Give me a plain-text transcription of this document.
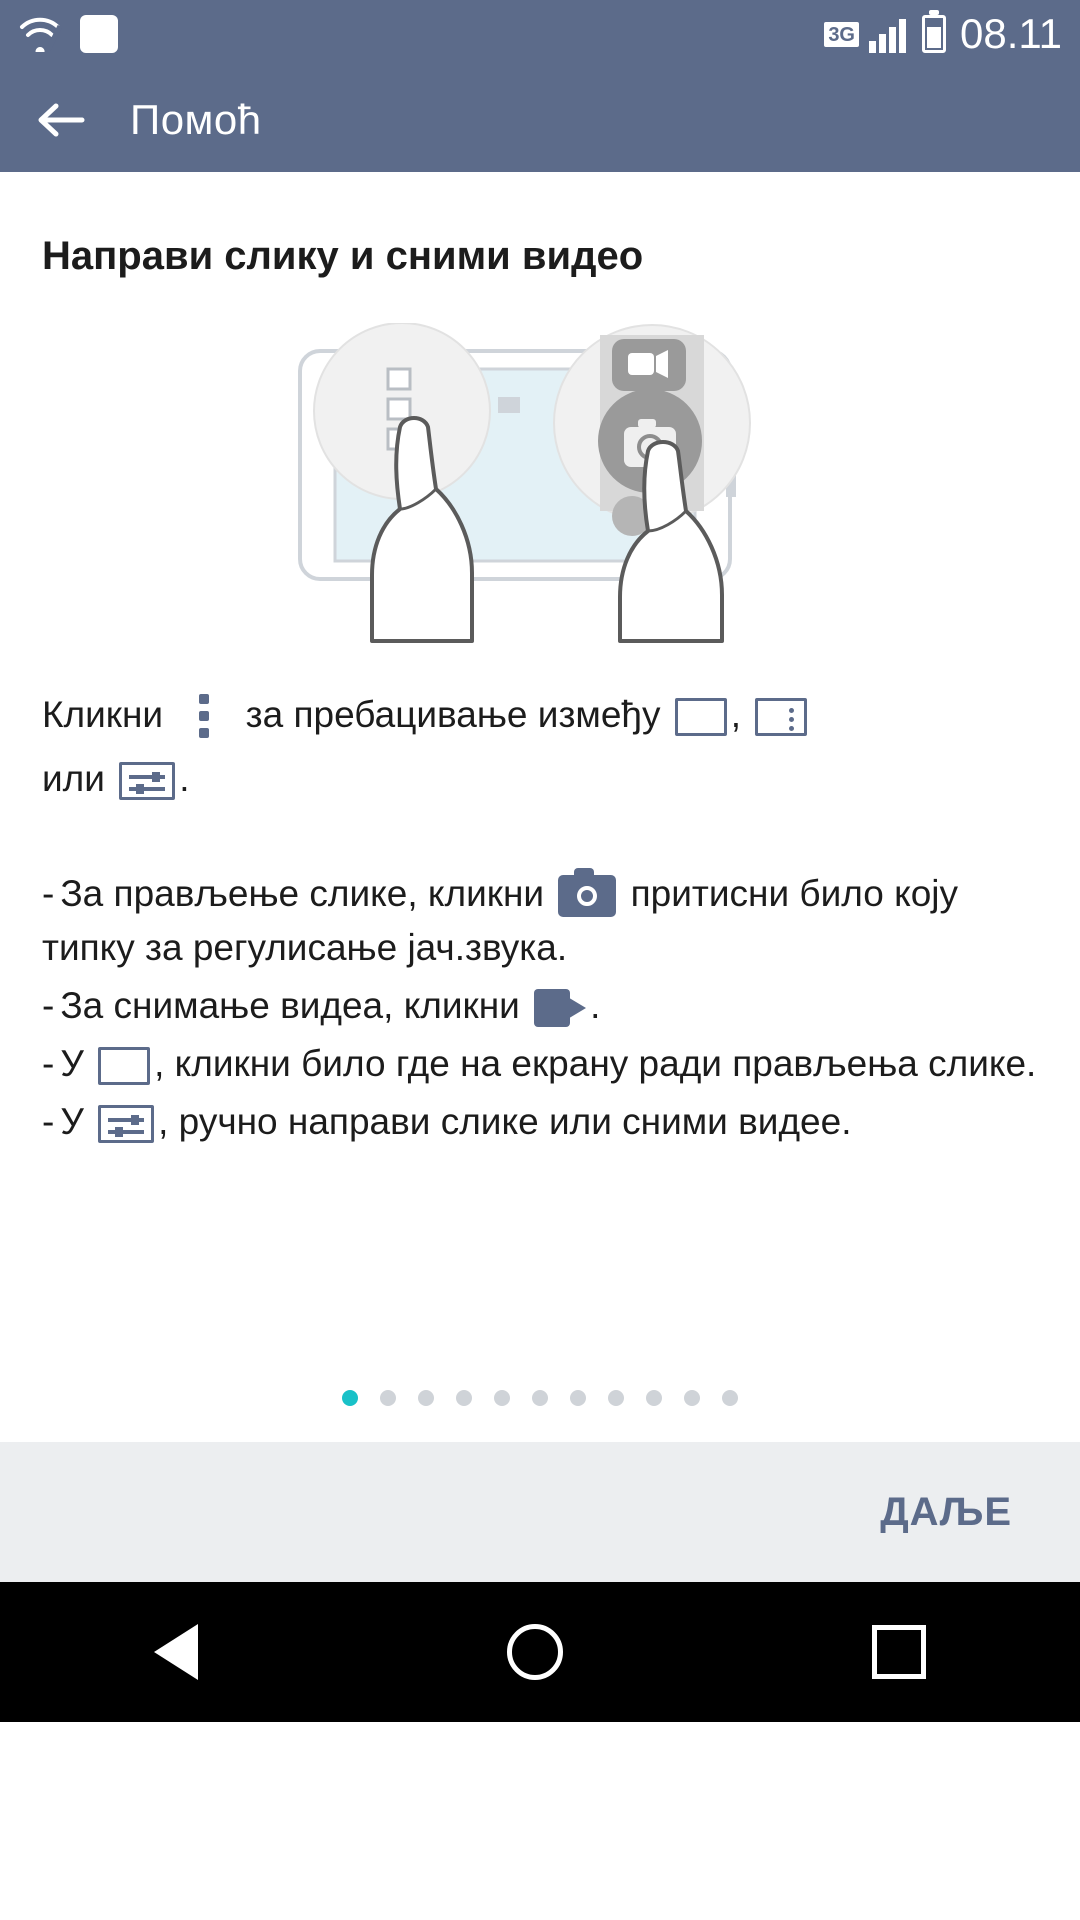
3G	08.11
Помоћ
Направи слику и сними видео
Кликни за пребацивање између ,

или .
- За прављење слике, кликни притисни било коју типку за регулисање јач.звука.
- За снимање видеа, кликни .
- У , кликни било где на екрану ради прављења слике.
- У , ручно направи слике или сними видее.
ДАЉЕ
